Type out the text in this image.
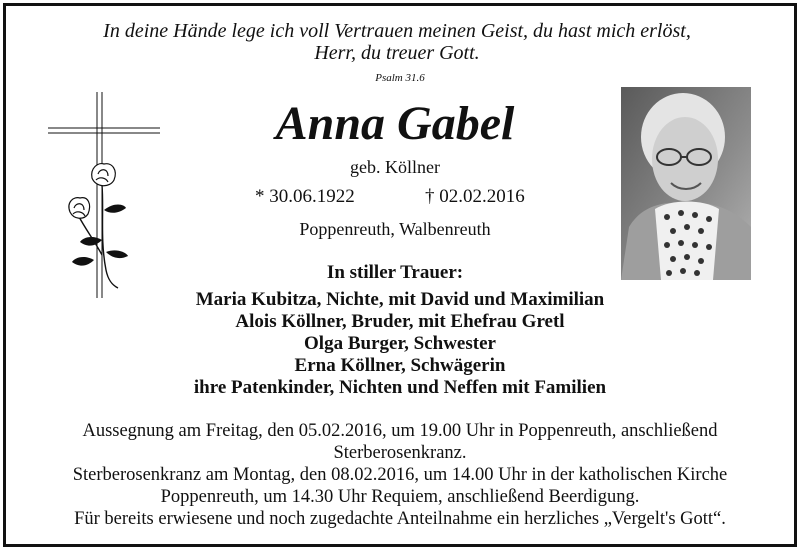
In deine Hände lege ich voll Vertrauen meinen Geist, du hast mich erlöst,
Herr, du treuer Gott.
Psalm 31.6
Anna Gabel
geb. Köllner
* 30.06.1922	† 02.02.2016
Poppenreuth, Walbenreuth
In stiller Trauer:
Maria Kubitza, Nichte, mit David und Maximilian
Alois Köllner, Bruder, mit Ehefrau Gretl
Olga Burger, Schwester
Erna Köllner, Schwägerin
ihre Patenkinder, Nichten und Neffen mit Familien
Aussegnung am Freitag, den 05.02.2016, um 19.00 Uhr in Poppenreuth, anschließend
Sterberosenkranz.
Sterberosenkranz am Montag, den 08.02.2016, um 14.00 Uhr in der katholischen Kirche
Poppenreuth, um 14.30 Uhr Requiem, anschließend Beerdigung.
Für bereits erwiesene und noch zugedachte Anteilnahme ein herzliches „Vergelt's Gott“.
